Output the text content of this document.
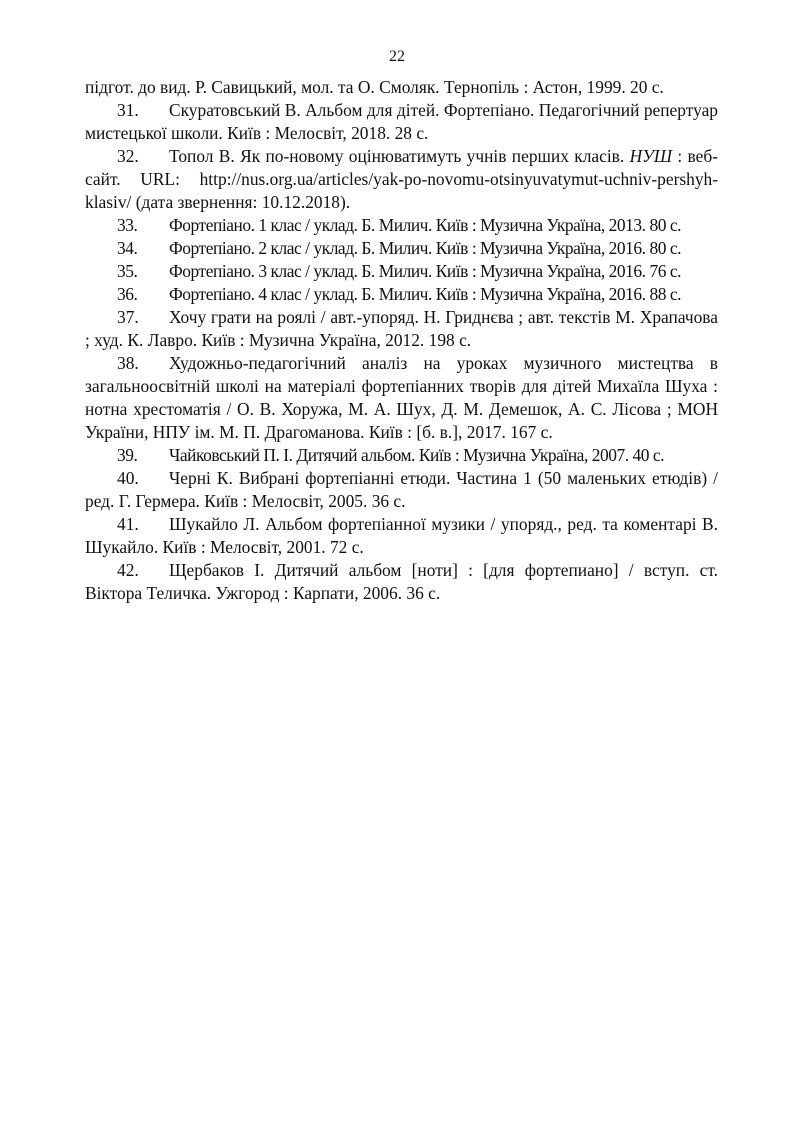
22

підгот. до вид. Р. Савицький, мол. та О. Смоляк. Тернопіль : Астон, 1999. 20 с.

31. Скуратовський В. Альбом для дітей. Фортепіано. Педагогічний репертуар мистецької школи. Київ : Мелосвіт, 2018. 28 с.

32. Топол В. Як по-новому оцінюватимуть учнів перших класів. НУШ : веб-сайт. URL: http://nus.org.ua/articles/yak-po-novomu-otsinyuvatymut-uchniv-pershyh-klasiv/ (дата звернення: 10.12.2018).

33. Фортепіано. 1 клас / уклад. Б. Милич. Київ : Музична Україна, 2013. 80 с.

34. Фортепіано. 2 клас / уклад. Б. Милич. Київ : Музична Україна, 2016. 80 с.

35. Фортепіано. 3 клас / уклад. Б. Милич. Київ : Музична Україна, 2016. 76 с.

36. Фортепіано. 4 клас / уклад. Б. Милич. Київ : Музична Україна, 2016. 88 с.

37. Хочу грати на роялі / авт.-упоряд. Н. Гриднєва ; авт. текстів М. Храпачова ; худ. К. Лавро. Київ : Музична Україна, 2012. 198 с.

38. Художньо-педагогічний аналіз на уроках музичного мистецтва в загальноосвітній школі на матеріалі фортепіанних творів для дітей Михаїла Шуха : нотна хрестоматія / О. В. Хоружа, М. А. Шух, Д. М. Демешок, А. С. Лісова ; МОН України, НПУ ім. М. П. Драгоманова. Київ : [б. в.], 2017. 167 с.

39. Чайковський П. І. Дитячий альбом. Київ : Музична Україна, 2007. 40 с.

40. Черні К. Вибрані фортепіанні етюди. Частина 1 (50 маленьких етюдів) / ред. Г. Гермера. Київ : Мелосвіт, 2005. 36 с.

41. Шукайло Л. Альбом фортепіанної музики / упоряд., ред. та коментарі В. Шукайло. Київ : Мелосвіт, 2001. 72 с.

42. Щербаков І. Дитячий альбом [ноти] : [для фортепиано] / вступ. ст. Віктора Теличка. Ужгород : Карпати, 2006. 36 с.
